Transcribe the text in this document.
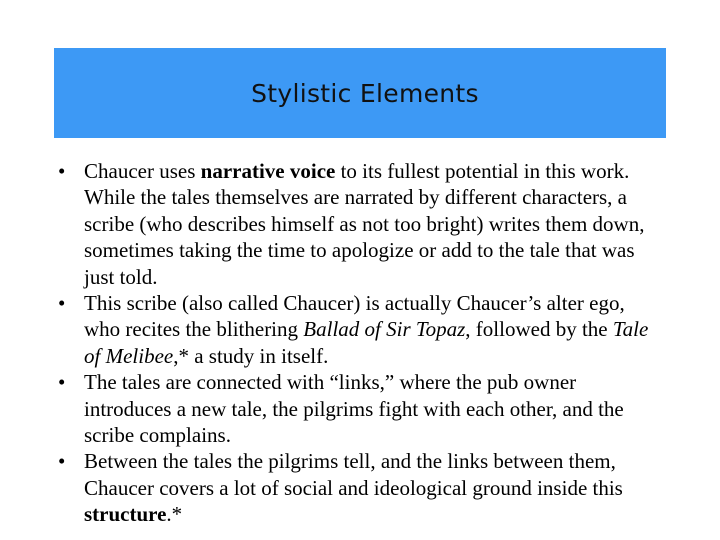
Stylistic Elements
• Chaucer uses narrative voice to its fullest potential in this work. While the tales themselves are narrated by different characters, a scribe (who describes himself as not too bright) writes them down, sometimes taking the time to apologize or add to the tale that was just told.
• This scribe (also called Chaucer) is actually Chaucer’s alter ego, who recites the blithering Ballad of Sir Topaz, followed by the Tale of Melibee,* a study in itself.
• The tales are connected with “links,” where the pub owner introduces a new tale, the pilgrims fight with each other, and the scribe complains.
• Between the tales the pilgrims tell, and the links between them, Chaucer covers a lot of social and ideological ground inside this structure.*
